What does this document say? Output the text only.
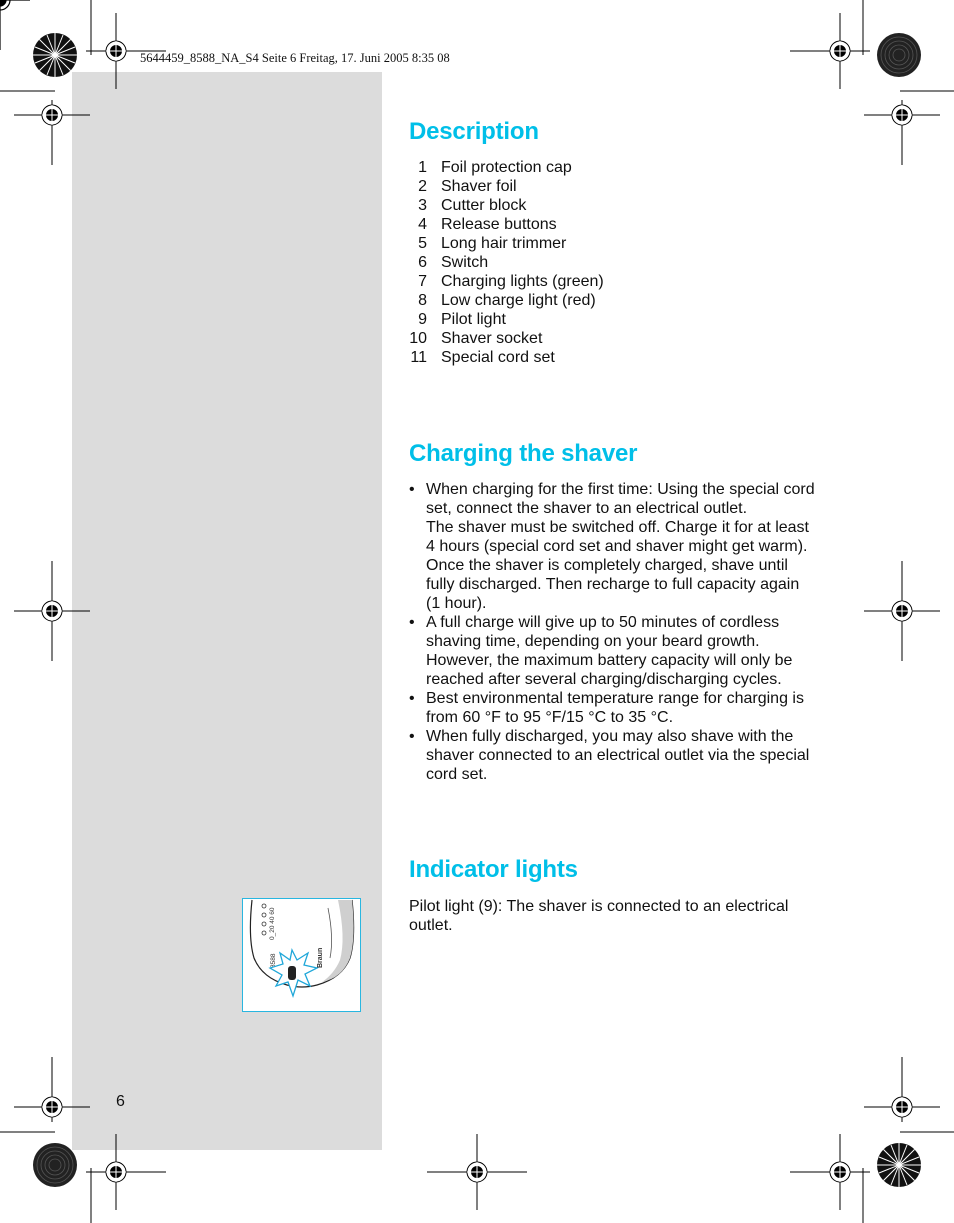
5644459_8588_NA_S4 Seite 6 Freitag, 17. Juni 2005 8:35 08
Description
1 Foil protection cap
2 Shaver foil
3 Cutter block
4 Release buttons
5 Long hair trimmer
6 Switch
7 Charging lights (green)
8 Low charge light (red)
9 Pilot light
10 Shaver socket
11 Special cord set
Charging the shaver
• When charging for the first time: Using the special cord
set, connect the shaver to an electrical outlet.
The shaver must be switched off. Charge it for at least
4 hours (special cord set and shaver might get warm).
Once the shaver is completely charged, shave until
fully discharged. Then recharge to full capacity again
(1 hour).
• A full charge will give up to 50 minutes of cordless
shaving time, depending on your beard growth.
However, the maximum battery capacity will only be
reached after several charging/discharging cycles.
• Best environmental temperature range for charging is
from 60 °F to 95 °F/15 °C to 35 °C.
• When fully discharged, you may also shave with the
shaver connected to an electrical outlet via the special
cord set.
Indicator lights

Pilot light (9): The shaver is connected to an electrical outlet.

0_20 40 60
8588	Braun
6
